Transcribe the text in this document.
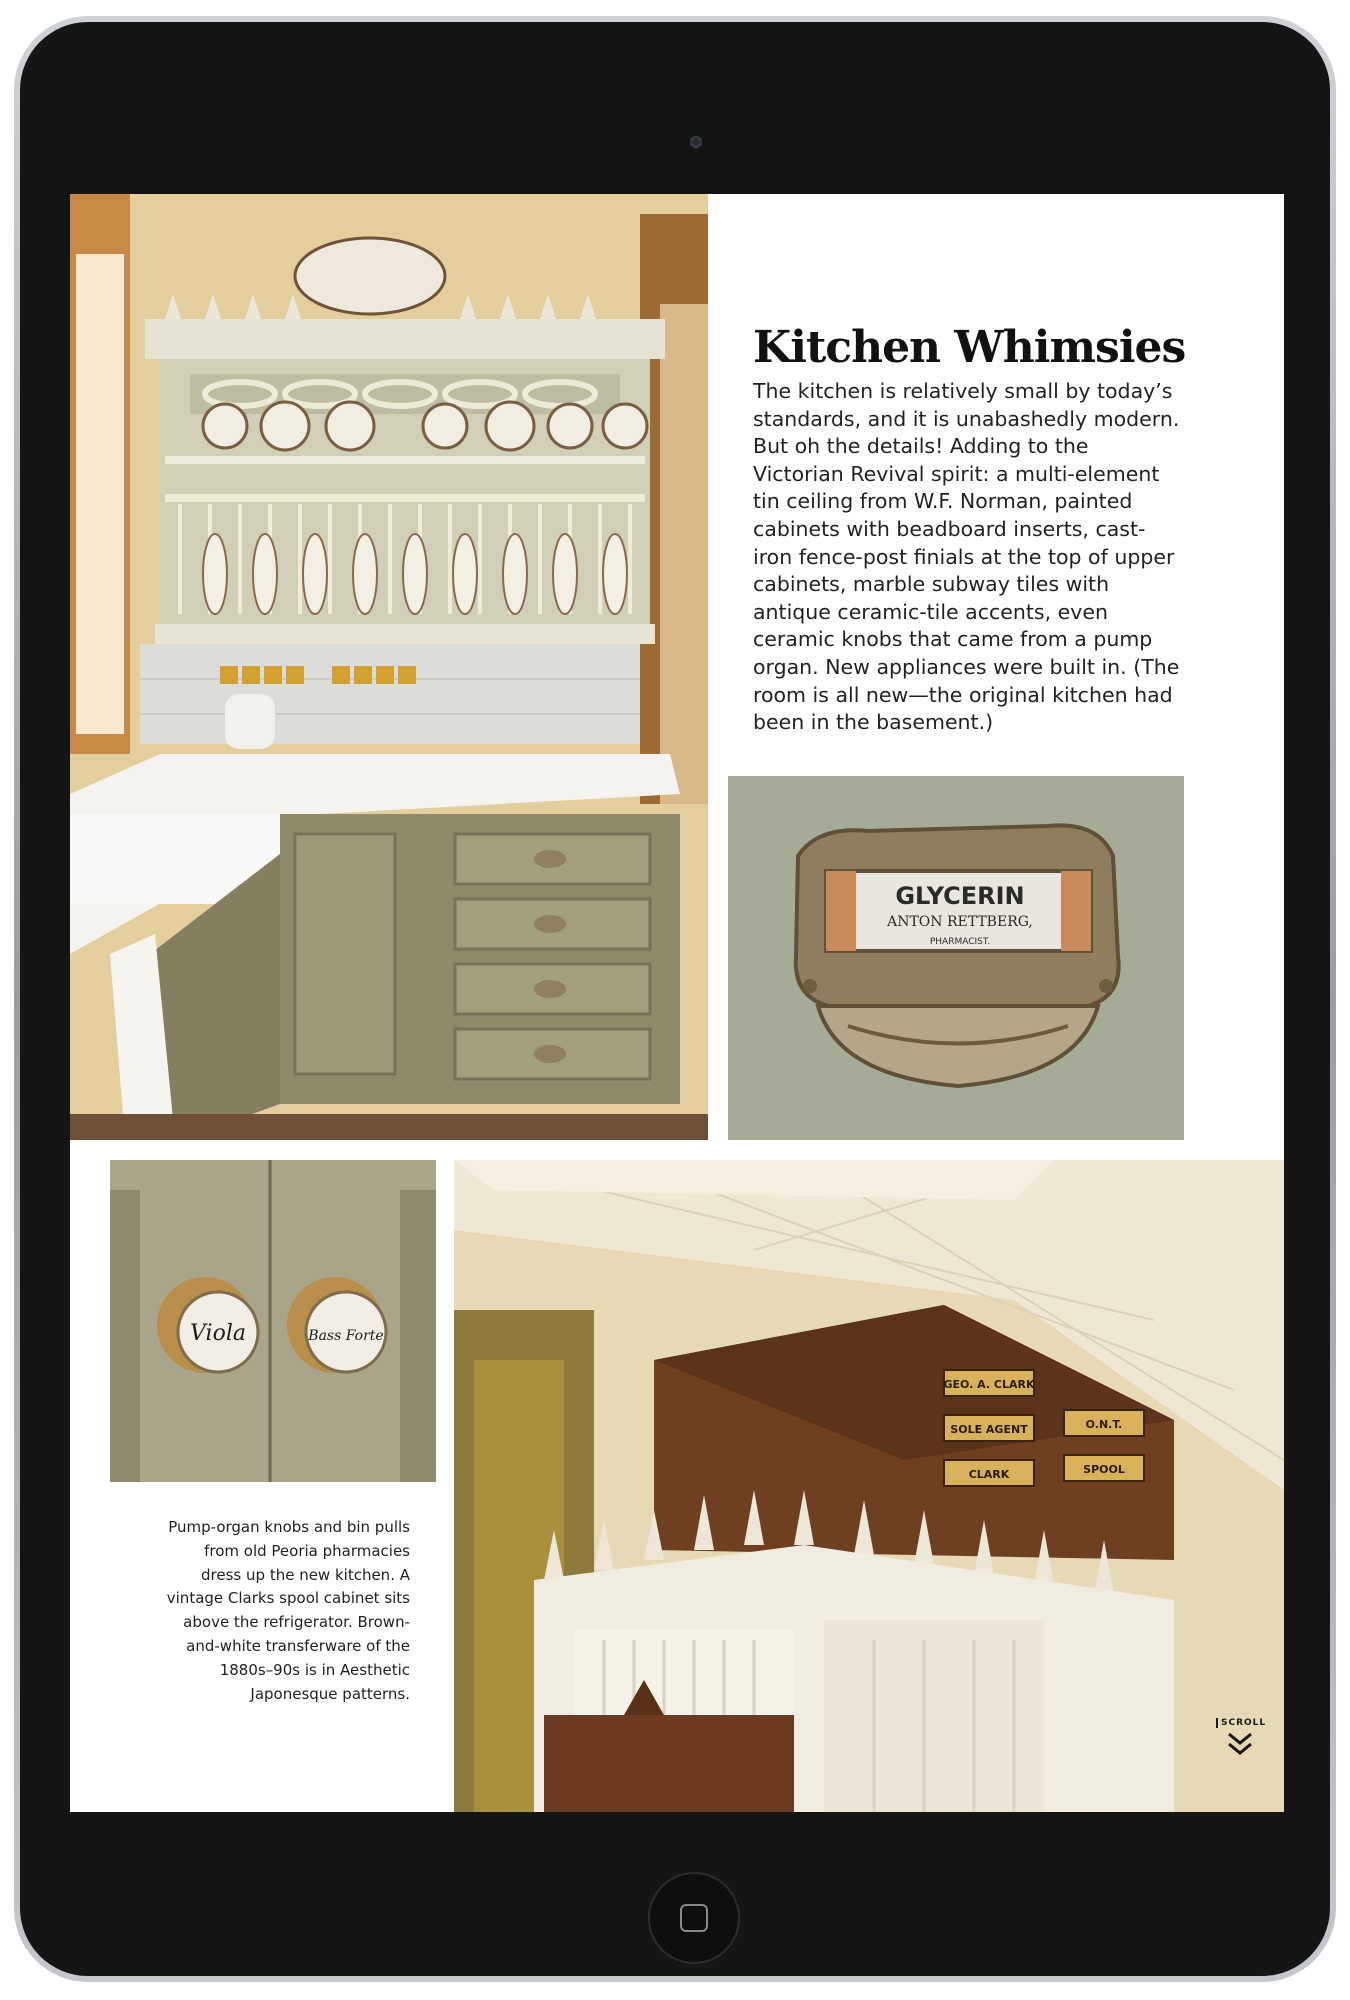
Kitchen Whimsies

The kitchen is relatively small by today’s standards, and it is unabashedly modern. But oh the details! Adding to the Victorian Revival spirit: a multi-element tin ceiling from W.F. Norman, painted cabinets with beadboard inserts, cast-iron fence-post finials at the top of upper cabinets, marble subway tiles with antique ceramic-tile accents, even ceramic knobs that came from a pump organ. New appliances were built in. (The room is all new—the original kitchen had been in the basement.)

GLYCERIN
ANTON RETTBERG,
PHARMACIST.
Viola	Bass Forte

Pump-organ knobs and bin pulls from old Peoria pharmacies dress up the new kitchen. A vintage Clarks spool cabinet sits above the refrigerator. Brown-and-white transferware of the 1880s–90s is in Aesthetic Japonesque patterns.

GEO. A. CLARK
SOLE AGENT
CLARK
O.N.T.
SPOOL
SCROLL
